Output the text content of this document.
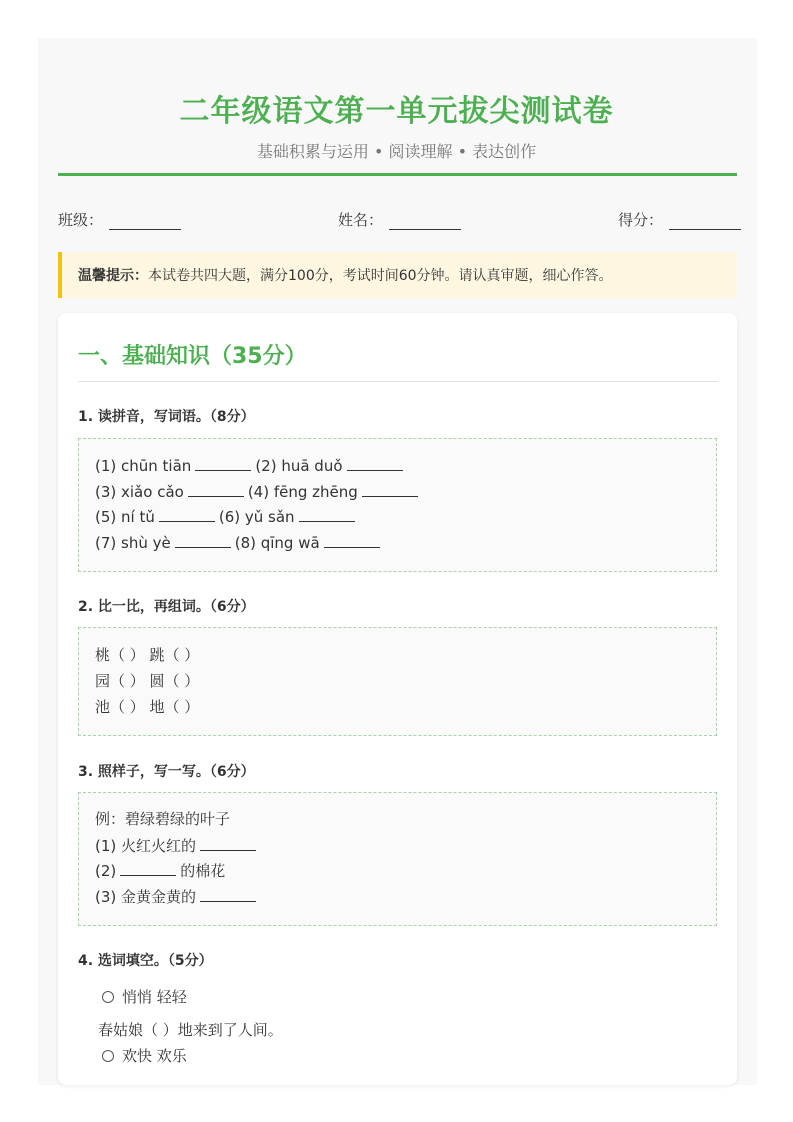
二年级语文第一单元拔尖测试卷
基础积累与运用 • 阅读理解 • 表达创作
班级：	姓名：	得分：
温馨提示： 本试卷共四大题，满分100分，考试时间60分钟。请认真审题，细心作答。
一、基础知识（35分）
1. 读拼音，写词语。（8分）
(1) chūn tiān	(2) huā duǒ
(3) xiǎo cǎo	(4) fēng zhēng
(5) ní tǔ	(6) yǔ sǎn
(7) shù yè	(8) qīng wā
2. 比一比，再组词。（6分）
桃（ ） 跳（ ）
园（ ） 圆（ ）
池（ ） 地（ ）
3. 照样子，写一写。（6分）
例：碧绿碧绿的叶子
(1) 火红火红的
(2)	的棉花
(3) 金黄金黄的
4. 选词填空。（5分）
悄悄 轻轻
春姑娘（ ）地来到了人间。
欢快 欢乐
